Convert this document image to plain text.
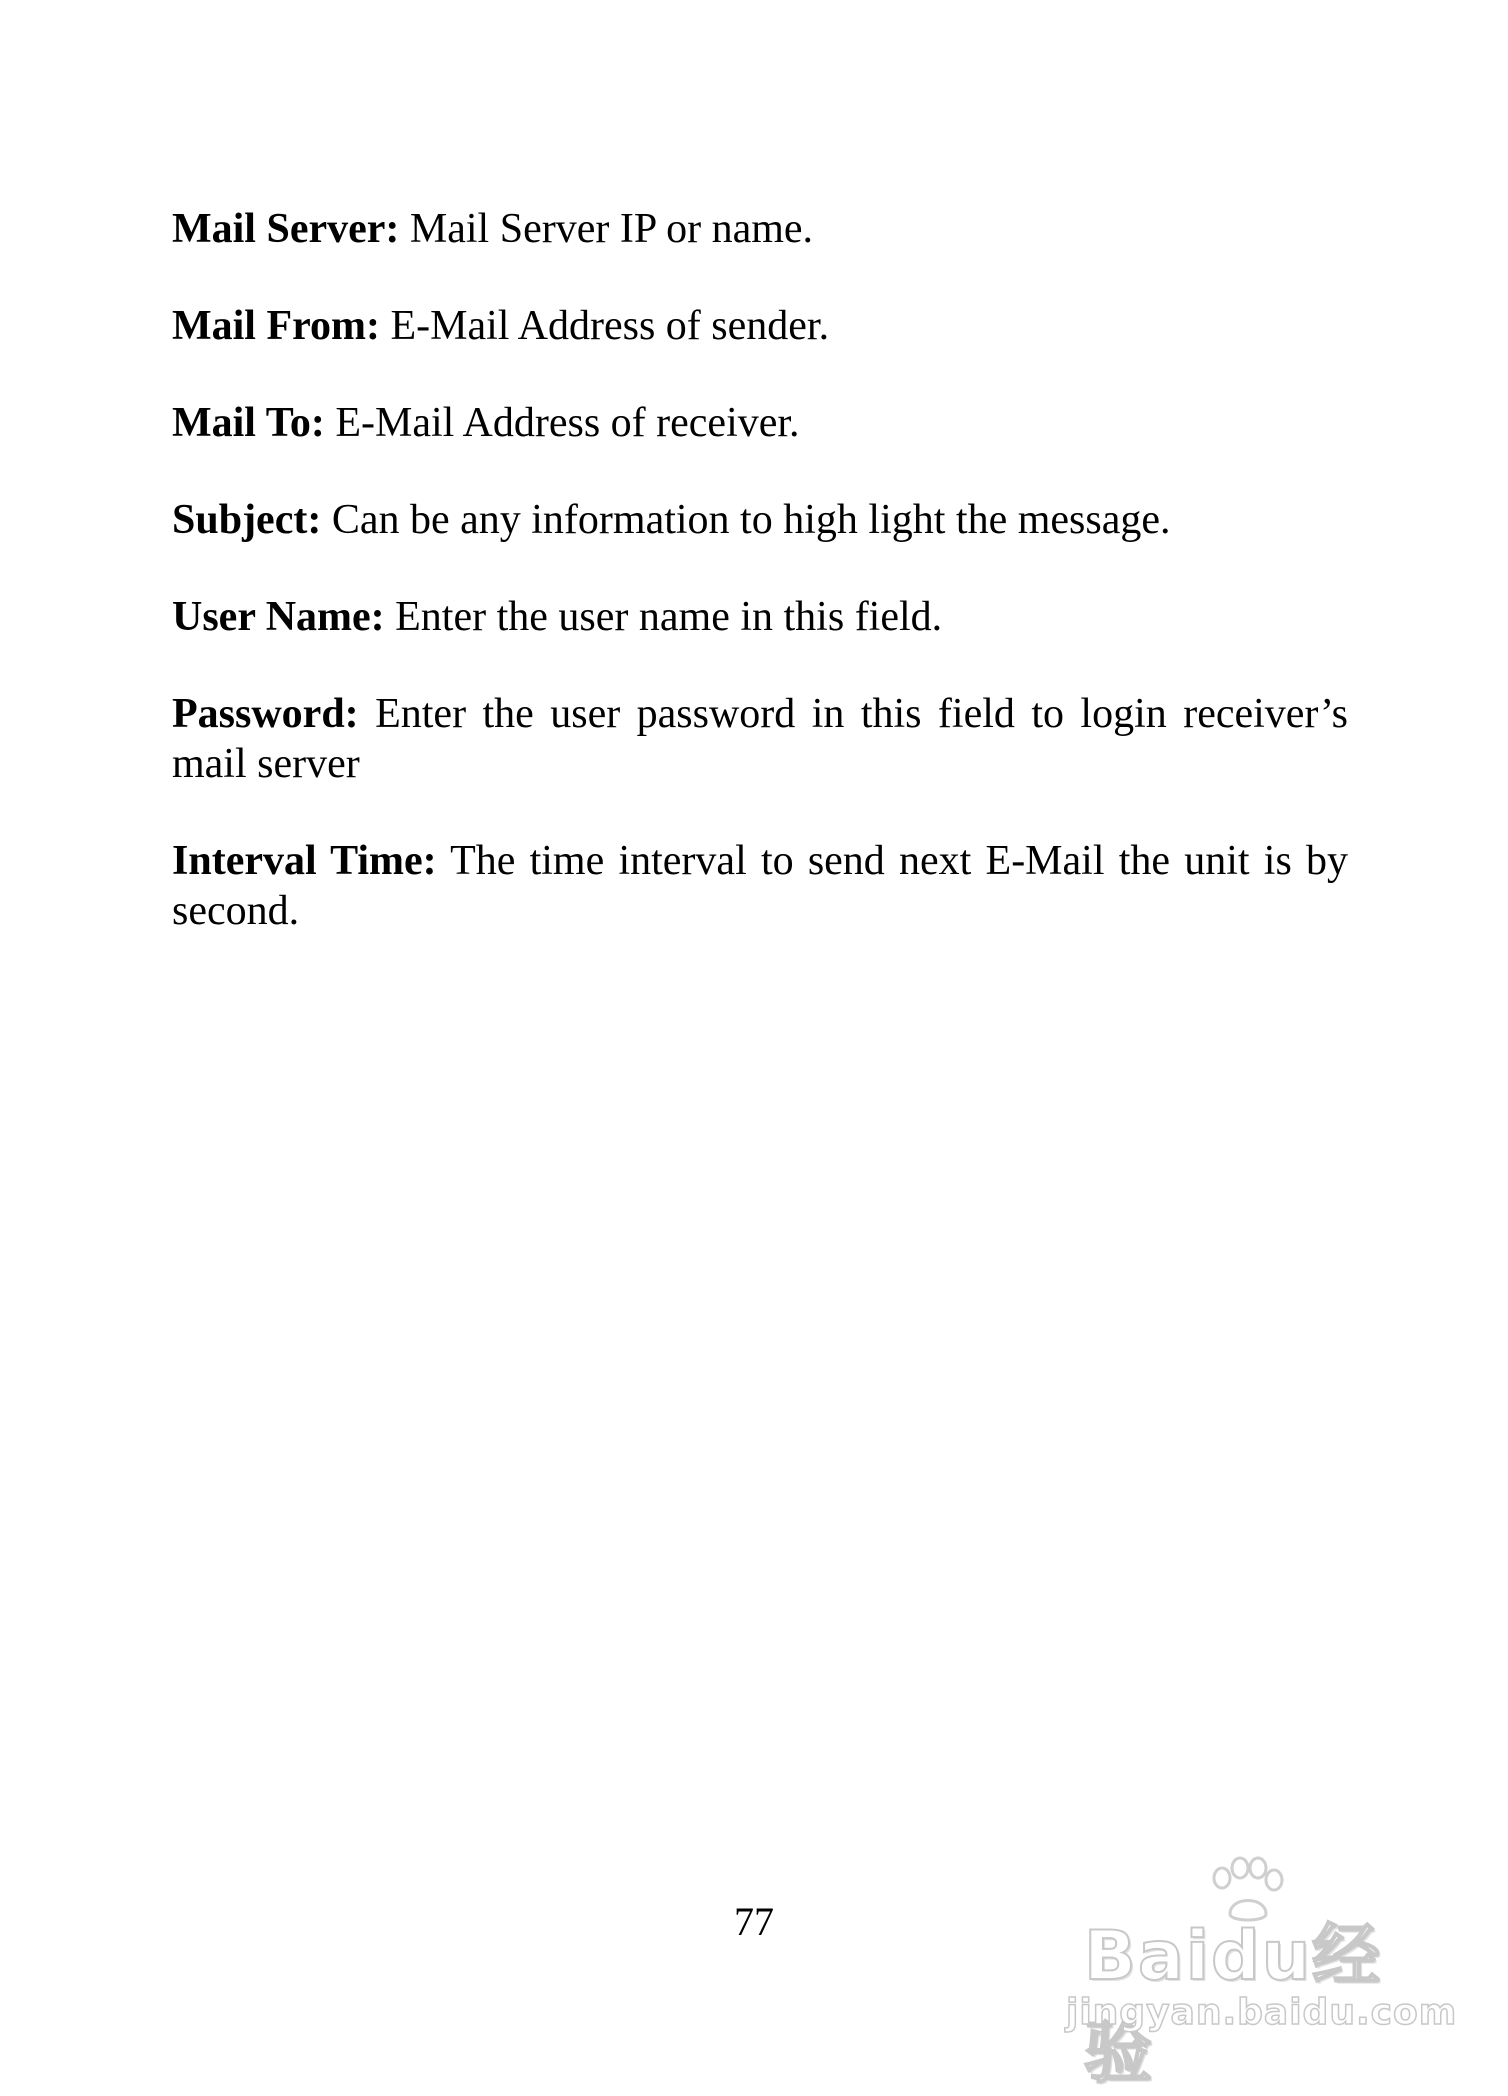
Mail Server: Mail Server IP or name.

Mail From: E-Mail Address of sender.

Mail To: E-Mail Address of receiver.

Subject: Can be any information to high light the message.

User Name: Enter the user name in this field.

Password: Enter the user password in this field to login receiver’s mail server

Interval Time: The time interval to send next E-Mail the unit is by second.

77	Baidu经验
jingyan.baidu.com
